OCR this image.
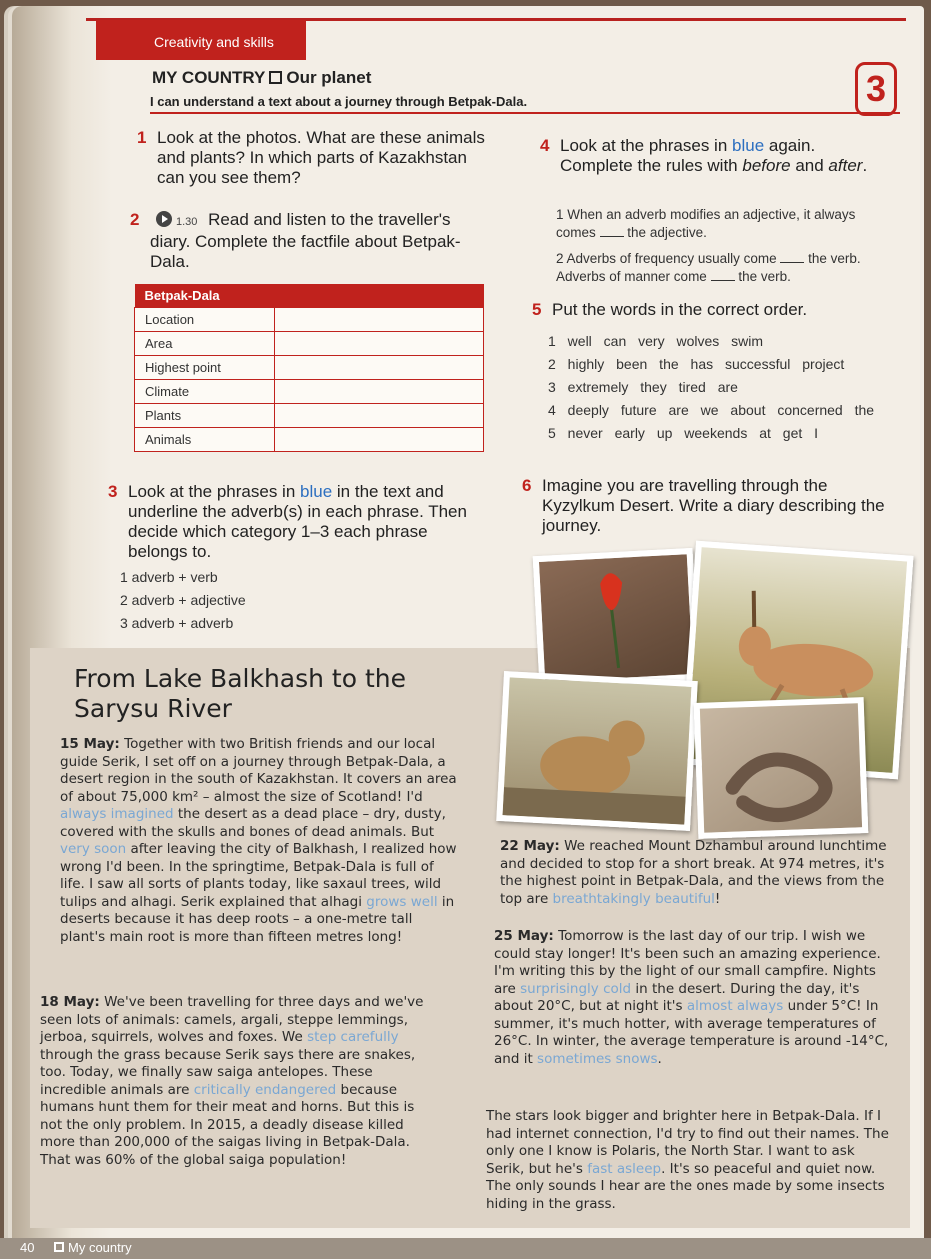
Creativity and skills
MY COUNTRY Our planet
I can understand a text about a journey through Betpak-Dala.	3
1 Look at the photos. What are these animals and plants? In which parts of Kazakhstan can you see them?
2	1.30 Read and listen to the traveller's diary. Complete the factfile about Betpak-Dala.
Betpak-Dala	
Location	
Area	
Highest point	
Climate	
Plants	
Animals	
3 Look at the phrases in blue in the text and underline the adverb(s) in each phrase. Then decide which category 1–3 each phrase belongs to.
1 adverb + verb
2 adverb + adjective
3 adverb + adverb
4 Look at the phrases in blue again. Complete the rules with before and after.
1 When an adverb modifies an adjective, it always comes the adjective.
2 Adverbs of frequency usually come the verb.
Adverbs of manner come the verb.
5 Put the words in the correct order.
1 well can very wolves swim
2 highly been the has successful project
3 extremely they tired are
4 deeply future are we about concerned the
5 never early up weekends at get I
6 Imagine you are travelling through the Kyzylkum Desert. Write a diary describing the journey.
From Lake Balkhash to the Sarysu River
15 May: Together with two British friends and our local guide Serik, I set off on a journey through Betpak-Dala, a desert region in the south of Kazakhstan. It covers an area of about 75,000 km² – almost the size of Scotland! I'd always imagined the desert as a dead place – dry, dusty, covered with the skulls and bones of dead animals. But very soon after leaving the city of Balkhash, I realized how wrong I'd been. In the springtime, Betpak-Dala is full of life. I saw all sorts of plants today, like saxaul trees, wild tulips and alhagi. Serik explained that alhagi grows well in deserts because it has deep roots – a one-metre tall plant's main root is more than fifteen metres long!
18 May: We've been travelling for three days and we've seen lots of animals: camels, argali, steppe lemmings, jerboa, squirrels, wolves and foxes. We step carefully through the grass because Serik says there are snakes, too. Today, we finally saw saiga antelopes. These incredible animals are critically endangered because humans hunt them for their meat and horns. But this is not the only problem. In 2015, a deadly disease killed more than 200,000 of the saigas living in Betpak-Dala. That was 60% of the global saiga population!
22 May: We reached Mount Dzhambul around lunchtime and decided to stop for a short break. At 974 metres, it's the highest point in Betpak-Dala, and the views from the top are breathtakingly beautiful!
25 May: Tomorrow is the last day of our trip. I wish we could stay longer! It's been such an amazing experience. I'm writing this by the light of our small campfire. Nights are surprisingly cold in the desert. During the day, it's about 20°C, but at night it's almost always under 5°C! In summer, it's much hotter, with average temperatures of 26°C. In winter, the average temperature is around -14°C, and it sometimes snows.
The stars look bigger and brighter here in Betpak-Dala. If I had internet connection, I'd try to find out their names. The only one I know is Polaris, the North Star. I want to ask Serik, but he's fast asleep. It's so peaceful and quiet now. The only sounds I hear are the ones made by some insects hiding in the grass.
40	My country
